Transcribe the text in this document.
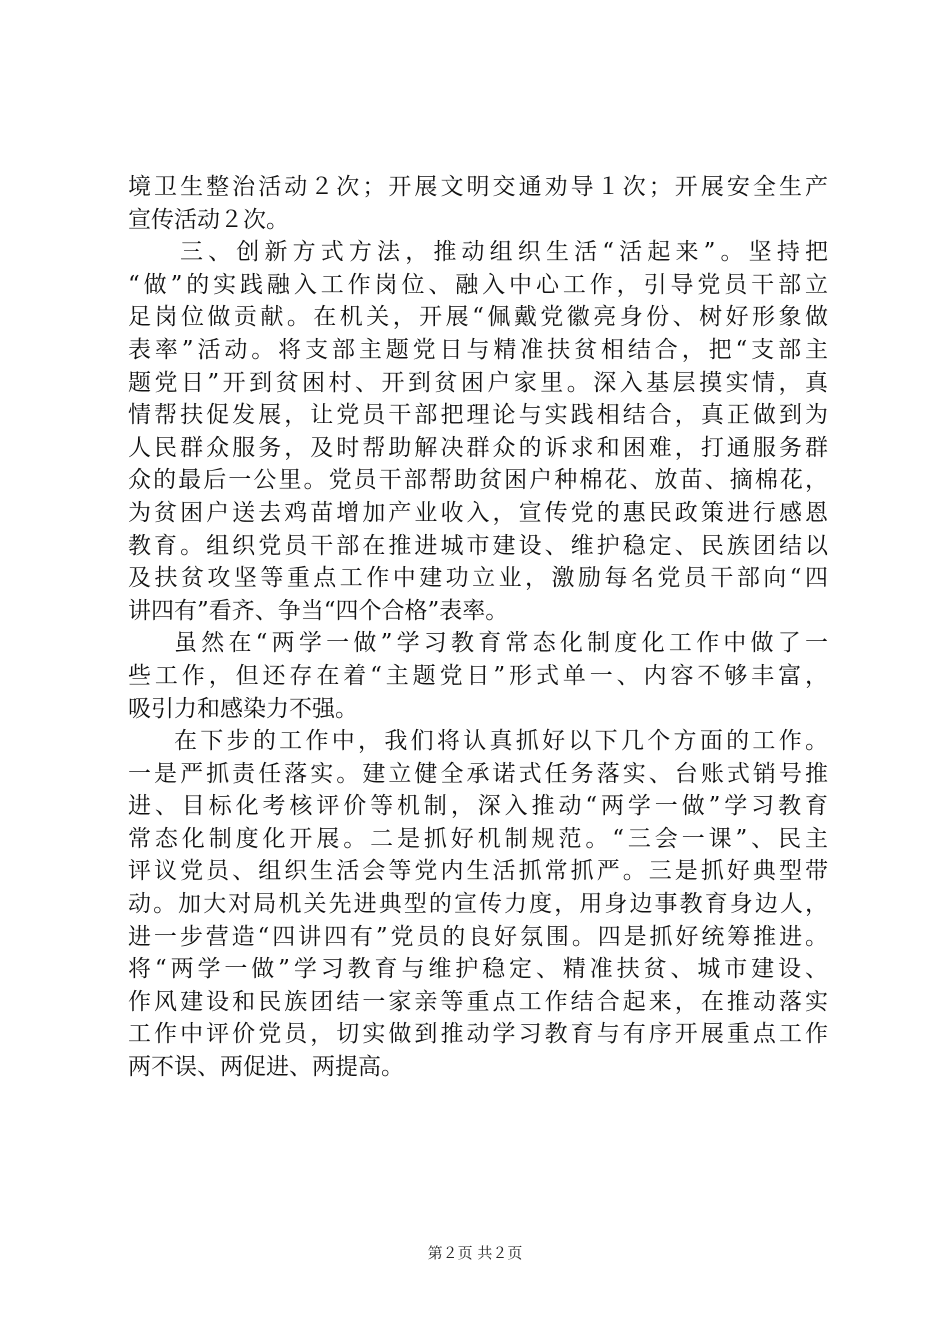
境卫生整治活动２次；开展文明交通劝导１次；开展安全生产
宣传活动２次。
三、创新方式方法，推动组织生活“活起来”。坚持把
“做”的实践融入工作岗位、融入中心工作，引导党员干部立
足岗位做贡献。在机关，开展“佩戴党徽亮身份、树好形象做
表率”活动。将支部主题党日与精准扶贫相结合，把“支部主
题党日”开到贫困村、开到贫困户家里。深入基层摸实情，真
情帮扶促发展，让党员干部把理论与实践相结合，真正做到为
人民群众服务，及时帮助解决群众的诉求和困难，打通服务群
众的最后一公里。党员干部帮助贫困户种棉花、放苗、摘棉花，
为贫困户送去鸡苗增加产业收入，宣传党的惠民政策进行感恩
教育。组织党员干部在推进城市建设、维护稳定、民族团结以
及扶贫攻坚等重点工作中建功立业，激励每名党员干部向“四
讲四有”看齐、争当“四个合格”表率。
虽然在“两学一做”学习教育常态化制度化工作中做了一
些工作，但还存在着“主题党日”形式单一、内容不够丰富，
吸引力和感染力不强。
在下步的工作中，我们将认真抓好以下几个方面的工作。
一是严抓责任落实。建立健全承诺式任务落实、台账式销号推
进、目标化考核评价等机制，深入推动“两学一做”学习教育
常态化制度化开展。二是抓好机制规范。“三会一课”、民主
评议党员、组织生活会等党内生活抓常抓严。三是抓好典型带
动。加大对局机关先进典型的宣传力度，用身边事教育身边人，
进一步营造“四讲四有”党员的良好氛围。四是抓好统筹推进。
将“两学一做”学习教育与维护稳定、精准扶贫、城市建设、
作风建设和民族团结一家亲等重点工作结合起来，在推动落实
工作中评价党员，切实做到推动学习教育与有序开展重点工作
两不误、两促进、两提高。
第２页 共２页
